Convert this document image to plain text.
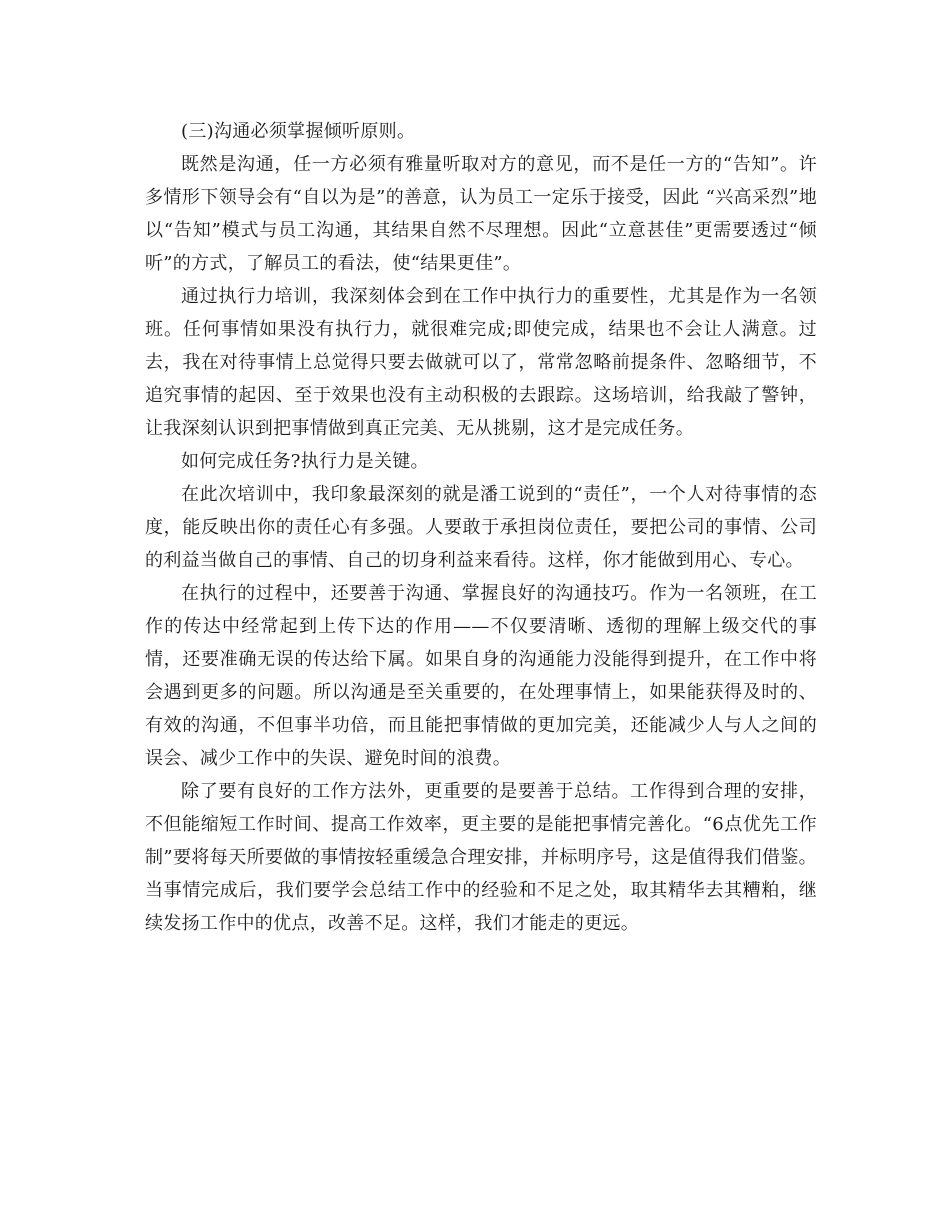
(三)沟通必须掌握倾听原则。

既然是沟通，任一方必须有雅量听取对方的意见，而不是任一方的“告知”。许多情形下领导会有“自以为是”的善意，认为员工一定乐于接受，因此 “兴高采烈”地以“告知”模式与员工沟通，其结果自然不尽理想。因此“立意甚佳”更需要透过“倾听”的方式，了解员工的看法，使“结果更佳”。

通过执行力培训，我深刻体会到在工作中执行力的重要性，尤其是作为一名领班。任何事情如果没有执行力，就很难完成;即使完成，结果也不会让人满意。过去，我在对待事情上总觉得只要去做就可以了，常常忽略前提条件、忽略细节，不追究事情的起因、至于效果也没有主动积极的去跟踪。这场培训，给我敲了警钟，让我深刻认识到把事情做到真正完美、无从挑剔，这才是完成任务。

如何完成任务?执行力是关键。

在此次培训中，我印象最深刻的就是潘工说到的“责任”，一个人对待事情的态度，能反映出你的责任心有多强。人要敢于承担岗位责任，要把公司的事情、公司的利益当做自己的事情、自己的切身利益来看待。这样，你才能做到用心、专心。

在执行的过程中，还要善于沟通、掌握良好的沟通技巧。作为一名领班，在工作的传达中经常起到上传下达的作用——不仅要清晰、透彻的理解上级交代的事情，还要准确无误的传达给下属。如果自身的沟通能力没能得到提升，在工作中将会遇到更多的问题。所以沟通是至关重要的，在处理事情上，如果能获得及时的、有效的沟通，不但事半功倍，而且能把事情做的更加完美，还能减少人与人之间的误会、减少工作中的失误、避免时间的浪费。

除了要有良好的工作方法外，更重要的是要善于总结。工作得到合理的安排，不但能缩短工作时间、提高工作效率，更主要的是能把事情完善化。“6点优先工作制”要将每天所要做的事情按轻重缓急合理安排，并标明序号，这是值得我们借鉴。当事情完成后，我们要学会总结工作中的经验和不足之处，取其精华去其糟粕，继续发扬工作中的优点，改善不足。这样，我们才能走的更远。
